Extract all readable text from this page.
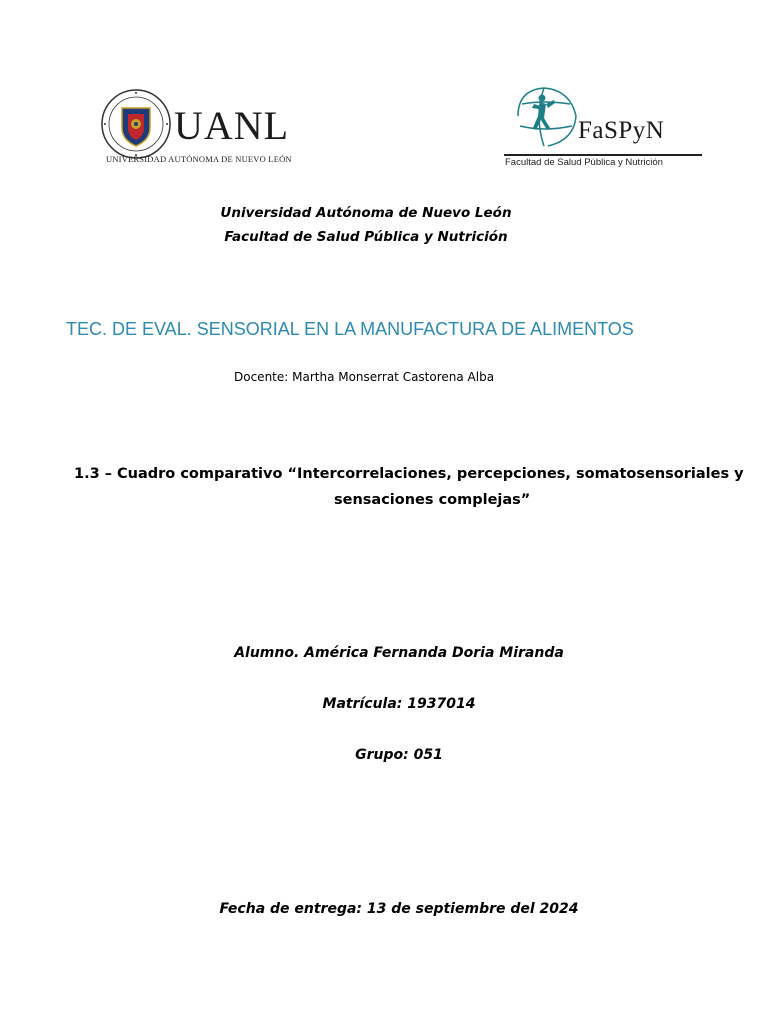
UANL
UNIVERSIDAD AUTÓNOMA DE NUEVO LEÓN
FaSPyN
Facultad de Salud Pública y Nutrición
Universidad Autónoma de Nuevo León
Facultad de Salud Pública y Nutrición
TEC. DE EVAL. SENSORIAL EN LA MANUFACTURA DE ALIMENTOS
Docente: Martha Monserrat Castorena Alba
1.3 – Cuadro comparativo “Intercorrelaciones, percepciones, somatosensoriales y
sensaciones complejas”
Alumno. América Fernanda Doria Miranda
Matrícula: 1937014
Grupo: 051
Fecha de entrega: 13 de septiembre del 2024
